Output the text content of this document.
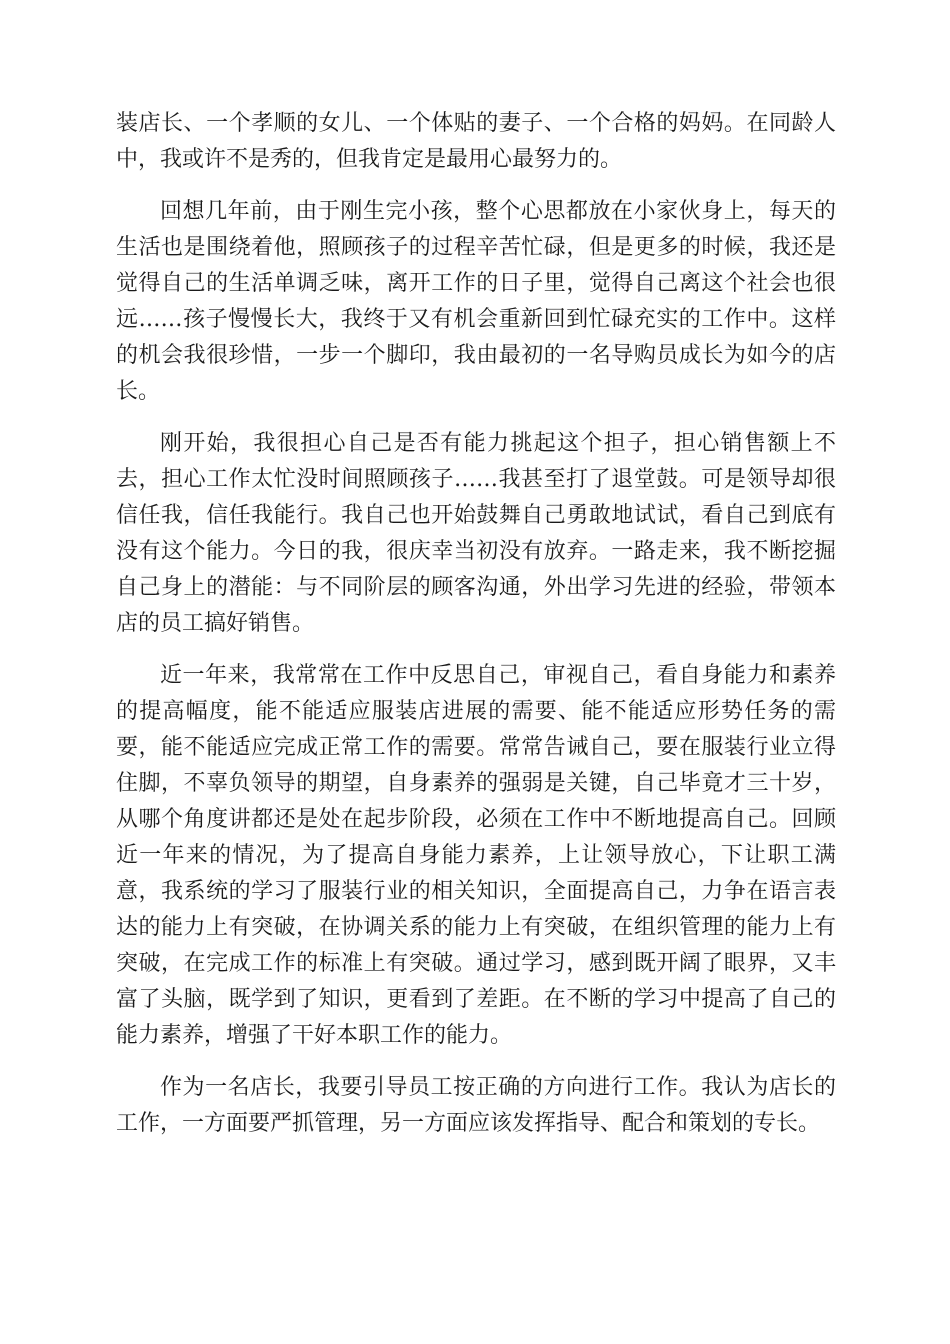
装店长、一个孝顺的女儿、一个体贴的妻子、一个合格的妈妈。在同龄人中，我或许不是秀的，但我肯定是最用心最努力的。

回想几年前，由于刚生完小孩，整个心思都放在小家伙身上，每天的生活也是围绕着他，照顾孩子的过程辛苦忙碌，但是更多的时候，我还是觉得自己的生活单调乏味，离开工作的日子里，觉得自己离这个社会也很远……孩子慢慢长大，我终于又有机会重新回到忙碌充实的工作中。这样的机会我很珍惜，一步一个脚印，我由最初的一名导购员成长为如今的店长。

刚开始，我很担心自己是否有能力挑起这个担子，担心销售额上不去，担心工作太忙没时间照顾孩子……我甚至打了退堂鼓。可是领导却很信任我，信任我能行。我自己也开始鼓舞自己勇敢地试试，看自己到底有没有这个能力。今日的我，很庆幸当初没有放弃。一路走来，我不断挖掘自己身上的潜能：与不同阶层的顾客沟通，外出学习先进的经验，带领本店的员工搞好销售。

近一年来，我常常在工作中反思自己，审视自己，看自身能力和素养的提高幅度，能不能适应服装店进展的需要、能不能适应形势任务的需要，能不能适应完成正常工作的需要。常常告诫自己，要在服装行业立得住脚，不辜负领导的期望，自身素养的强弱是关键，自己毕竟才三十岁，从哪个角度讲都还是处在起步阶段，必须在工作中不断地提高自己。回顾近一年来的情况，为了提高自身能力素养，上让领导放心，下让职工满意，我系统的学习了服装行业的相关知识，全面提高自己，力争在语言表达的能力上有突破，在协调关系的能力上有突破，在组织管理的能力上有突破，在完成工作的标准上有突破。通过学习，感到既开阔了眼界，又丰富了头脑，既学到了知识，更看到了差距。在不断的学习中提高了自己的能力素养，增强了干好本职工作的能力。

作为一名店长，我要引导员工按正确的方向进行工作。我认为店长的工作，一方面要严抓管理，另一方面应该发挥指导、配合和策划的专长。
